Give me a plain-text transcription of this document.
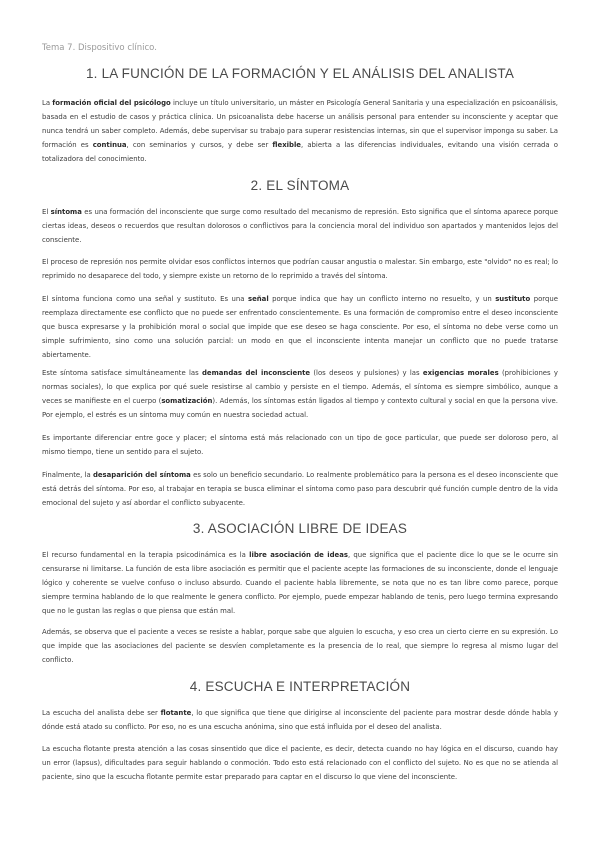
Tema 7. Dispositivo clínico.
1. LA FUNCIÓN DE LA FORMACIÓN Y EL ANÁLISIS DEL ANALISTA

La formación oficial del psicólogo incluye un título universitario, un máster en Psicología General Sanitaria y una especialización en psicoanálisis, basada en el estudio de casos y práctica clínica. Un psicoanalista debe hacerse un análisis personal para entender su inconsciente y aceptar que nunca tendrá un saber completo. Además, debe supervisar su trabajo para superar resistencias internas, sin que el supervisor imponga su saber. La formación es continua, con seminarios y cursos, y debe ser flexible, abierta a las diferencias individuales, evitando una visión cerrada o totalizadora del conocimiento.

2. EL SÍNTOMA

El síntoma es una formación del inconsciente que surge como resultado del mecanismo de represión. Esto significa que el síntoma aparece porque ciertas ideas, deseos o recuerdos que resultan dolorosos o conflictivos para la conciencia moral del individuo son apartados y mantenidos lejos del consciente.

El proceso de represión nos permite olvidar esos conflictos internos que podrían causar angustia o malestar. Sin embargo, este "olvido" no es real; lo reprimido no desaparece del todo, y siempre existe un retorno de lo reprimido a través del síntoma.

El síntoma funciona como una señal y sustituto. Es una señal porque indica que hay un conflicto interno no resuelto, y un sustituto porque reemplaza directamente ese conflicto que no puede ser enfrentado conscientemente. Es una formación de compromiso entre el deseo inconsciente que busca expresarse y la prohibición moral o social que impide que ese deseo se haga consciente. Por eso, el síntoma no debe verse como un simple sufrimiento, sino como una solución parcial: un modo en que el inconsciente intenta manejar un conflicto que no puede tratarse abiertamente.

Este síntoma satisface simultáneamente las demandas del inconsciente (los deseos y pulsiones) y las exigencias morales (prohibiciones y normas sociales), lo que explica por qué suele resistirse al cambio y persiste en el tiempo. Además, el síntoma es siempre simbólico, aunque a veces se manifieste en el cuerpo (somatización). Además, los síntomas están ligados al tiempo y contexto cultural y social en que la persona vive. Por ejemplo, el estrés es un síntoma muy común en nuestra sociedad actual.

Es importante diferenciar entre goce y placer; el síntoma está más relacionado con un tipo de goce particular, que puede ser doloroso pero, al mismo tiempo, tiene un sentido para el sujeto.

Finalmente, la desaparición del síntoma es solo un beneficio secundario. Lo realmente problemático para la persona es el deseo inconsciente que está detrás del síntoma. Por eso, al trabajar en terapia se busca eliminar el síntoma como paso para descubrir qué función cumple dentro de la vida emocional del sujeto y así abordar el conflicto subyacente.

3. ASOCIACIÓN LIBRE DE IDEAS

El recurso fundamental en la terapia psicodinámica es la libre asociación de ideas, que significa que el paciente dice lo que se le ocurre sin censurarse ni limitarse. La función de esta libre asociación es permitir que el paciente acepte las formaciones de su inconsciente, donde el lenguaje lógico y coherente se vuelve confuso o incluso absurdo. Cuando el paciente habla libremente, se nota que no es tan libre como parece, porque siempre termina hablando de lo que realmente le genera conflicto. Por ejemplo, puede empezar hablando de tenis, pero luego termina expresando que no le gustan las reglas o que piensa que están mal.

Además, se observa que el paciente a veces se resiste a hablar, porque sabe que alguien lo escucha, y eso crea un cierto cierre en su expresión. Lo que impide que las asociaciones del paciente se desvíen completamente es la presencia de lo real, que siempre lo regresa al mismo lugar del conflicto.

4. ESCUCHA E INTERPRETACIÓN

La escucha del analista debe ser flotante, lo que significa que tiene que dirigirse al inconsciente del paciente para mostrar desde dónde habla y dónde está atado su conflicto. Por eso, no es una escucha anónima, sino que está influida por el deseo del analista.

La escucha flotante presta atención a las cosas sinsentido que dice el paciente, es decir, detecta cuando no hay lógica en el discurso, cuando hay un error (lapsus), dificultades para seguir hablando o conmoción. Todo esto está relacionado con el conflicto del sujeto. No es que no se atienda al paciente, sino que la escucha flotante permite estar preparado para captar en el discurso lo que viene del inconsciente.
